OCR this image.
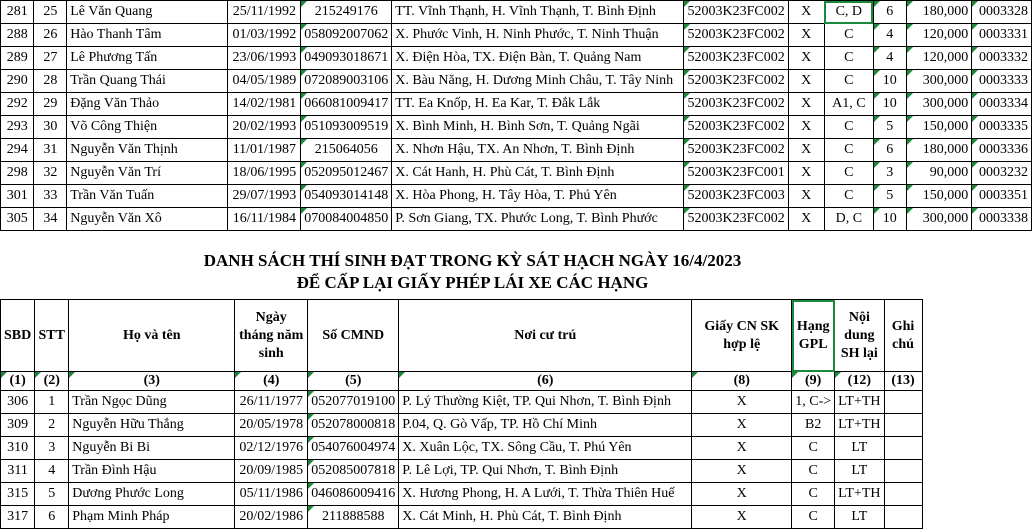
281	25	Lê Văn Quang	25/11/1992	215249176	TT. Vĩnh Thạnh, H. Vĩnh Thạnh, T. Bình Định	52003K23FC002	X	C, D	6	180,000	0003328
288	26	Hào Thanh Tâm	01/03/1992	058092007062	X. Phước Vinh, H. Ninh Phước, T. Ninh Thuận	52003K23FC002	X	C	4	120,000	0003331
289	27	Lê Phương Tấn	23/06/1993	049093018671	X. Điện Hòa, TX. Điện Bàn, T. Quảng Nam	52003K23FC002	X	C	4	120,000	0003332
290	28	Trần Quang Thái	04/05/1989	072089003106	X. Bàu Năng, H. Dương Minh Châu, T. Tây Ninh	52003K23FC002	X	C	10	300,000	0003333
292	29	Đặng Văn Thảo	14/02/1981	066081009417	TT. Ea Knốp, H. Ea Kar, T. Đắk Lắk	52003K23FC002	X	A1, C	10	300,000	0003334
293	30	Võ Công Thiện	20/02/1993	051093009519	X. Bình Minh, H. Bình Sơn, T. Quảng Ngãi	52003K23FC002	X	C	5	150,000	0003335
294	31	Nguyễn Văn Thịnh	11/01/1987	215064056	X. Nhơn Hậu, TX. An Nhơn, T. Bình Định	52003K23FC002	X	C	6	180,000	0003336
298	32	Nguyễn Văn Trí	18/06/1995	052095012467	X. Cát Hanh, H. Phù Cát, T. Bình Định	52003K23FC001	X	C	3	90,000	0003232
301	33	Trần Văn Tuấn	29/07/1993	054093014148	X. Hòa Phong, H. Tây Hòa, T. Phú Yên	52003K23FC003	X	C	5	150,000	0003351
305	34	Nguyễn Văn Xô	16/11/1984	070084004850	P. Sơn Giang, TX. Phước Long, T. Bình Phước	52003K23FC002	X	D, C	10	300,000	0003338
DANH SÁCH THÍ SINH ĐẠT TRONG KỲ SÁT HẠCH NGÀY 16/4/2023
ĐỂ CẤP LẠI GIẤY PHÉP LÁI XE CÁC HẠNG
SBD	STT	Họ và tên	Ngày tháng năm sinh	Số CMND	Nơi cư trú	Giấy CN SK hợp lệ	Hạng GPL	Nội dung SH lại	Ghi chú
(1)	(2)	(3)	(4)	(5)	(6)	(8)	(9)	(12)	(13)
306	1	Trần Ngọc Dũng	26/11/1977	052077019100	P. Lý Thường Kiệt, TP. Qui Nhơn, T. Bình Định	X	1, C->	LT+TH	
309	2	Nguyễn Hữu Thắng	20/05/1978	052078000818	P.04, Q. Gò Vấp, TP. Hồ Chí Minh	X	B2	LT+TH	
310	3	Nguyễn Bi Bi	02/12/1976	054076004974	X. Xuân Lộc, TX. Sông Cầu, T. Phú Yên	X	C	LT	
311	4	Trần Đình Hậu	20/09/1985	052085007818	P. Lê Lợi, TP. Qui Nhơn, T. Bình Định	X	C	LT	
315	5	Dương Phước Long	05/11/1986	046086009416	X. Hương Phong, H. A Lưới, T. Thừa Thiên Huế	X	C	LT+TH	
317	6	Phạm Minh Pháp	20/02/1986	211888588	X. Cát Minh, H. Phù Cát, T. Bình Định	X	C	LT	
